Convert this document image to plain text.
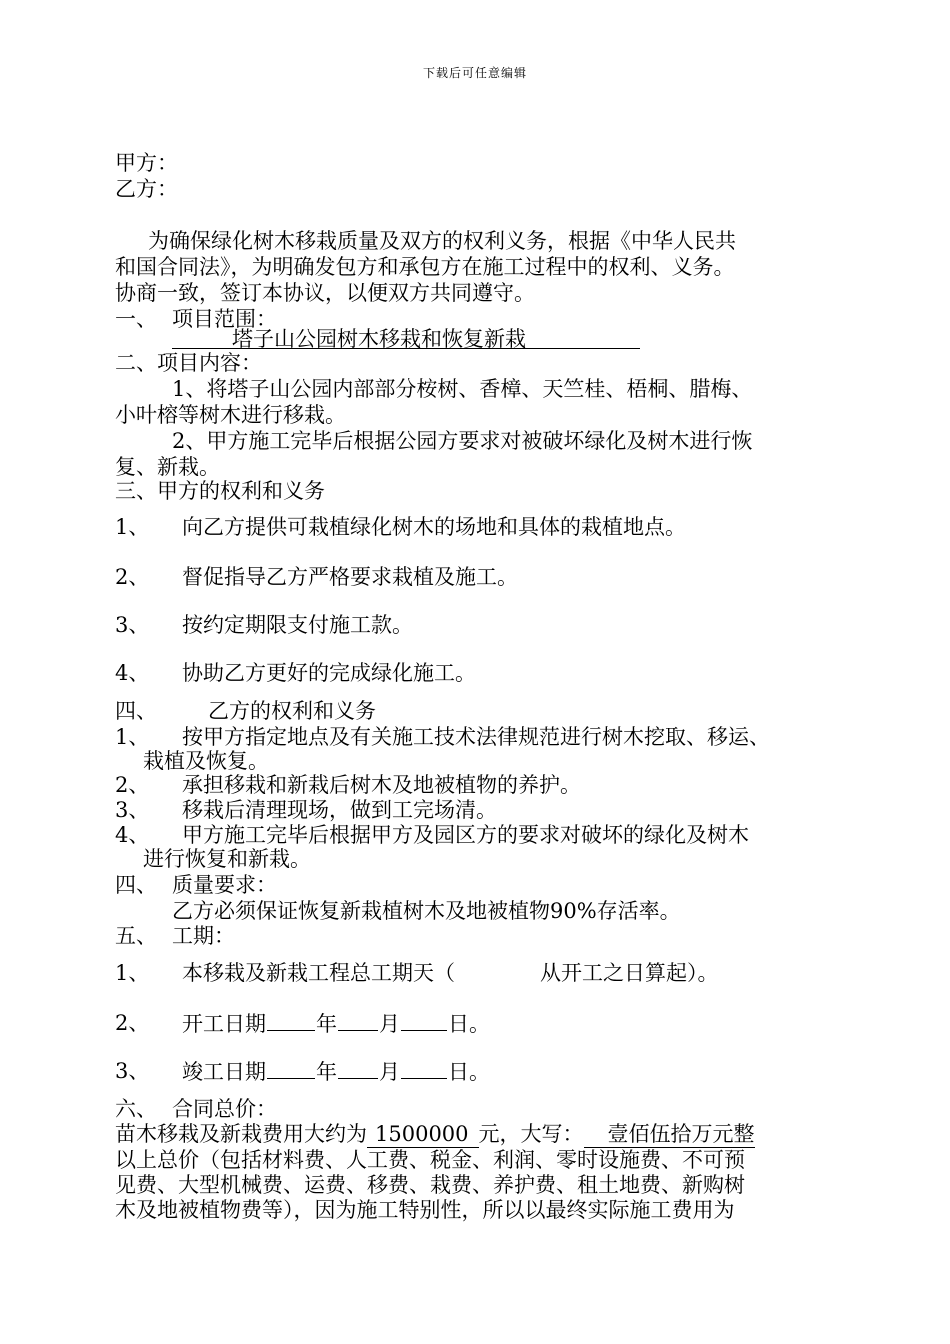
下载后可任意编辑
甲方：
乙方：
为确保绿化树木移栽质量及双方的权利义务，根据《中华人民共
和国合同法》，为明确发包方和承包方在施工过程中的权利、义务。
协商一致，签订本协议，以便双方共同遵守。
一、 项目范围：
塔子山公园树木移栽和恢复新栽
二、项目内容：
1、将塔子山公园内部部分桉树、香樟、天竺桂、梧桐、腊梅、
小叶榕等树木进行移栽。
2、甲方施工完毕后根据公园方要求对被破坏绿化及树木进行恢
复、新栽。
三、甲方的权利和义务
1、 向乙方提供可栽植绿化树木的场地和具体的栽植地点。
2、 督促指导乙方严格要求栽植及施工。
3、 按约定期限支付施工款。
4、 协助乙方更好的完成绿化施工。
四、 乙方的权利和义务
1、 按甲方指定地点及有关施工技术法律规范进行树木挖取、移运、
栽植及恢复。
2、 承担移栽和新栽后树木及地被植物的养护。
3、 移栽后清理现场，做到工完场清。
4、 甲方施工完毕后根据甲方及园区方的要求对破坏的绿化及树木
进行恢复和新栽。
四、 质量要求：
乙方必须保证恢复新栽植树木及地被植物90%存活率。
五、 工期：
1、 本移栽及新栽工程总工期天（	从开工之日算起）。
2、 开工日期 年 月 日。
3、 竣工日期 年 月 日。
六、 合同总价：
苗木移栽及新栽费用大约为 1500000 元，大写： 壹佰伍拾万元整
以上总价（包括材料费、人工费、税金、利润、零时设施费、不可预
见费、大型机械费、运费、移费、栽费、养护费、租土地费、新购树
木及地被植物费等），因为施工特别性，所以以最终实际施工费用为
